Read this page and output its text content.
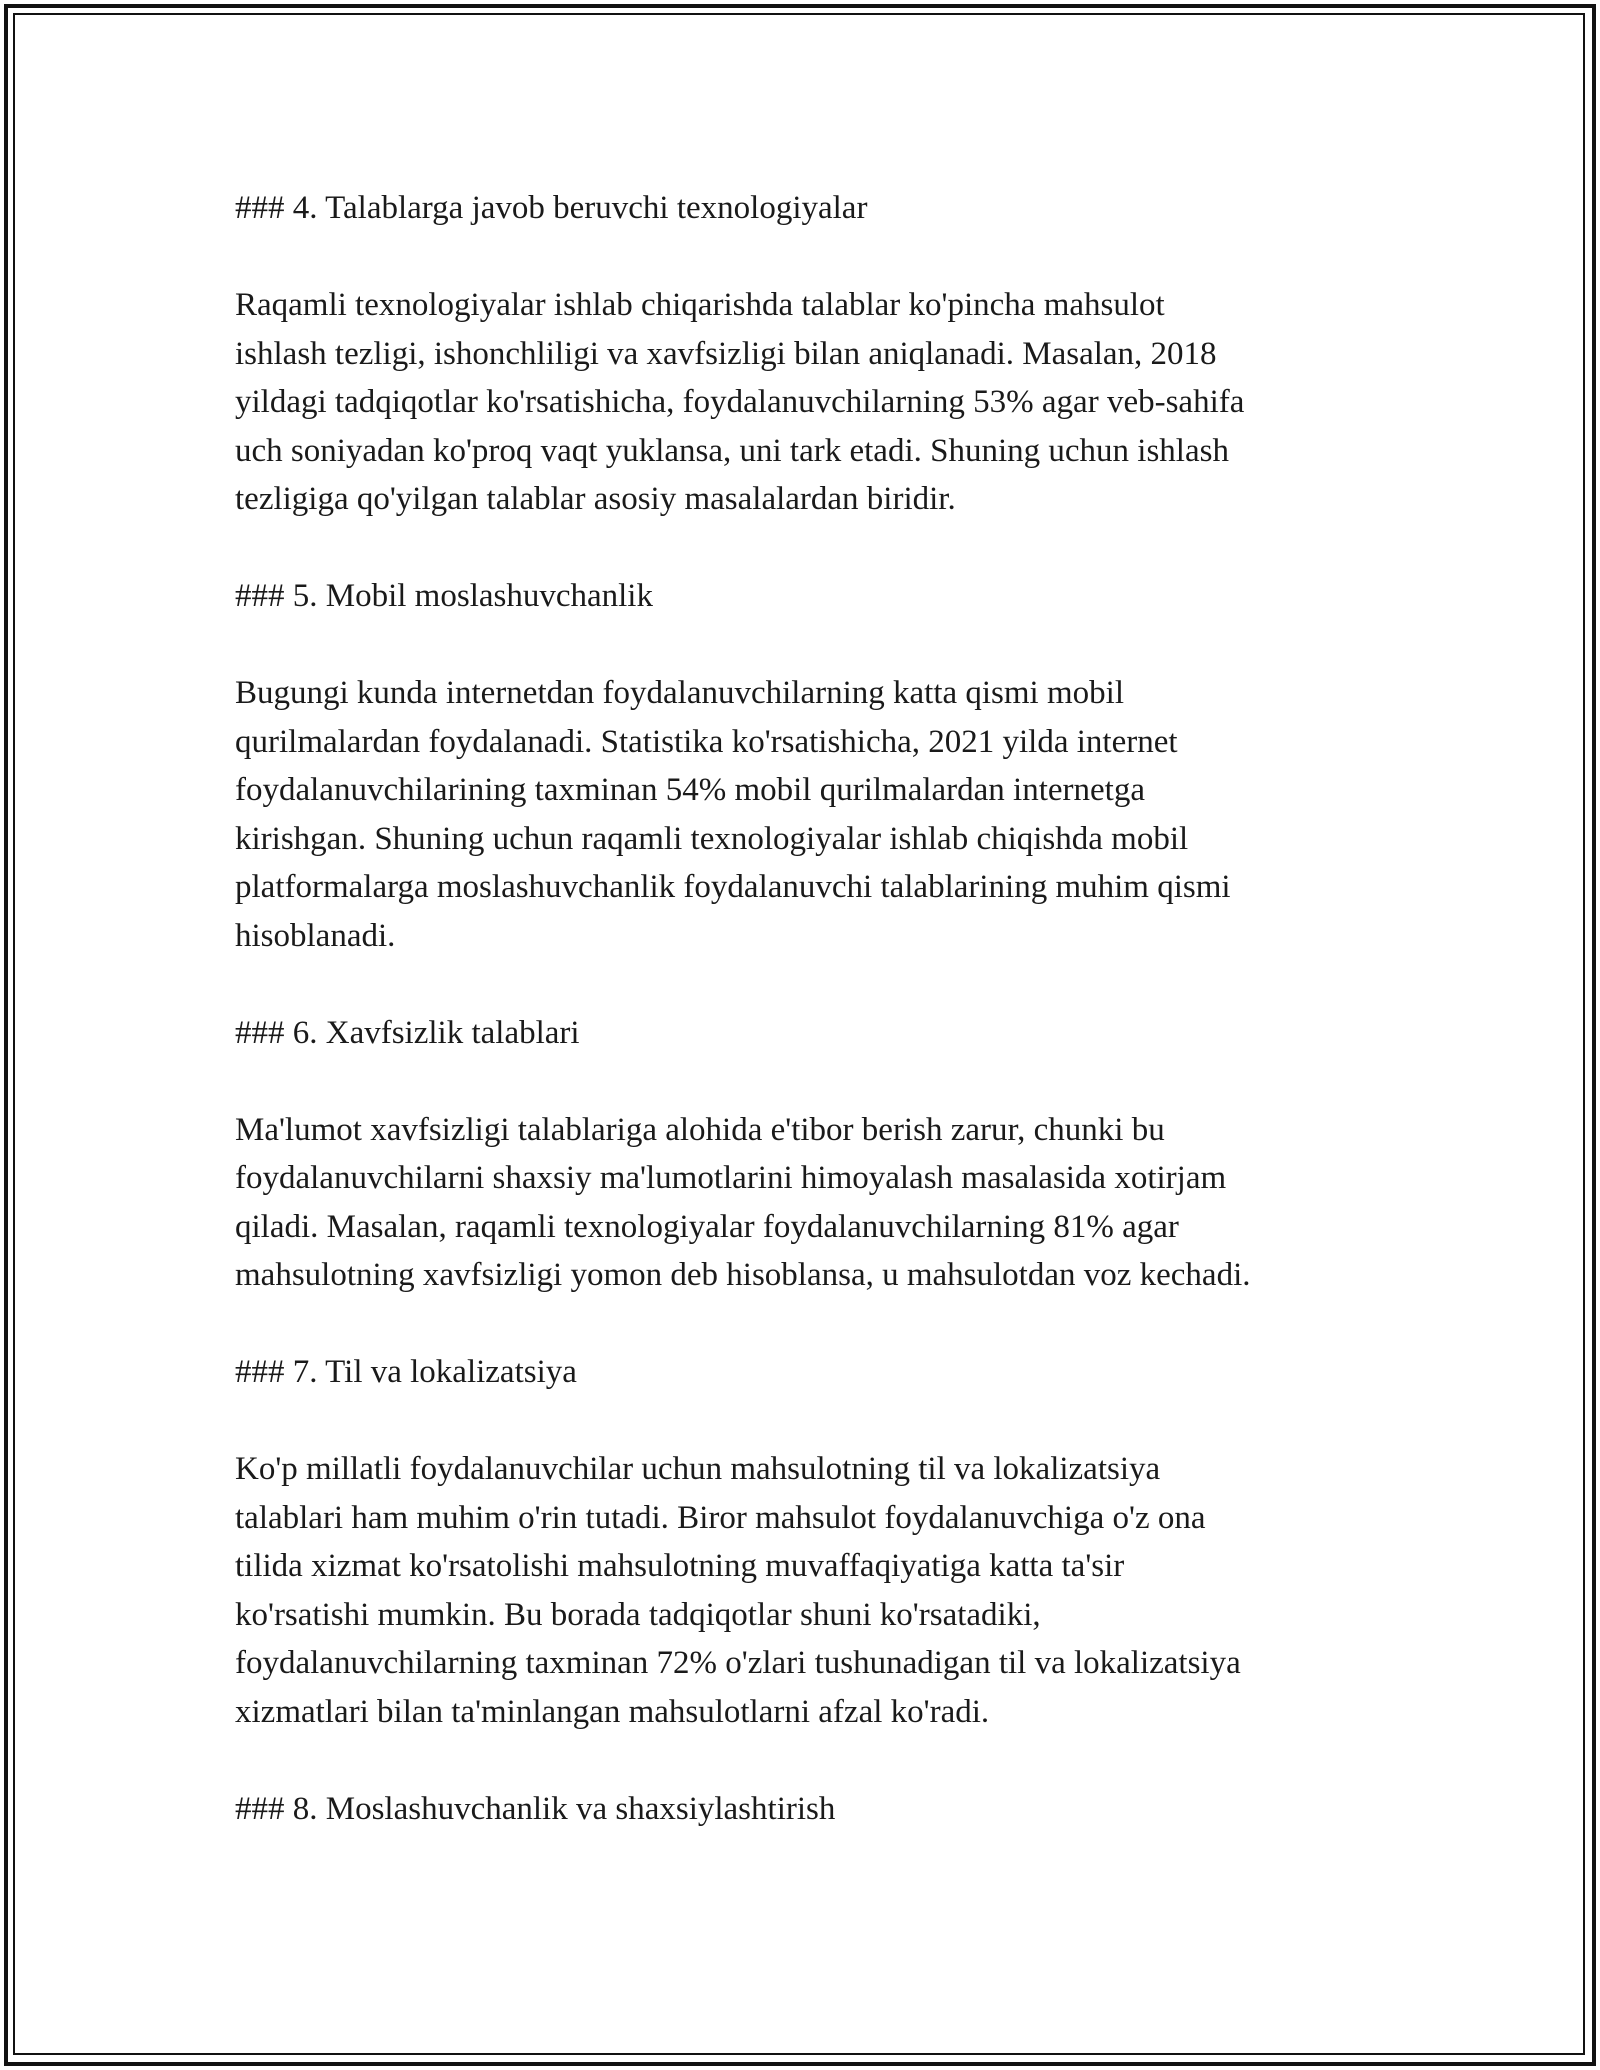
### 4. Talablarga javob beruvchi texnologiyalar

Raqamli texnologiyalar ishlab chiqarishda talablar ko'pincha mahsulot
ishlash tezligi, ishonchliligi va xavfsizligi bilan aniqlanadi. Masalan, 2018
yildagi tadqiqotlar ko'rsatishicha, foydalanuvchilarning 53% agar veb-sahifa
uch soniyadan ko'proq vaqt yuklansa, uni tark etadi. Shuning uchun ishlash
tezligiga qo'yilgan talablar asosiy masalalardan biridir.

### 5. Mobil moslashuvchanlik

Bugungi kunda internetdan foydalanuvchilarning katta qismi mobil
qurilmalardan foydalanadi. Statistika ko'rsatishicha, 2021 yilda internet
foydalanuvchilarining taxminan 54% mobil qurilmalardan internetga
kirishgan. Shuning uchun raqamli texnologiyalar ishlab chiqishda mobil
platformalarga moslashuvchanlik foydalanuvchi talablarining muhim qismi
hisoblanadi.

### 6. Xavfsizlik talablari

Ma'lumot xavfsizligi talablariga alohida e'tibor berish zarur, chunki bu
foydalanuvchilarni shaxsiy ma'lumotlarini himoyalash masalasida xotirjam
qiladi. Masalan, raqamli texnologiyalar foydalanuvchilarning 81% agar
mahsulotning xavfsizligi yomon deb hisoblansa, u mahsulotdan voz kechadi.

### 7. Til va lokalizatsiya

Ko'p millatli foydalanuvchilar uchun mahsulotning til va lokalizatsiya
talablari ham muhim o'rin tutadi. Biror mahsulot foydalanuvchiga o'z ona
tilida xizmat ko'rsatolishi mahsulotning muvaffaqiyatiga katta ta'sir
ko'rsatishi mumkin. Bu borada tadqiqotlar shuni ko'rsatadiki,
foydalanuvchilarning taxminan 72% o'zlari tushunadigan til va lokalizatsiya
xizmatlari bilan ta'minlangan mahsulotlarni afzal ko'radi.

### 8. Moslashuvchanlik va shaxsiylashtirish
